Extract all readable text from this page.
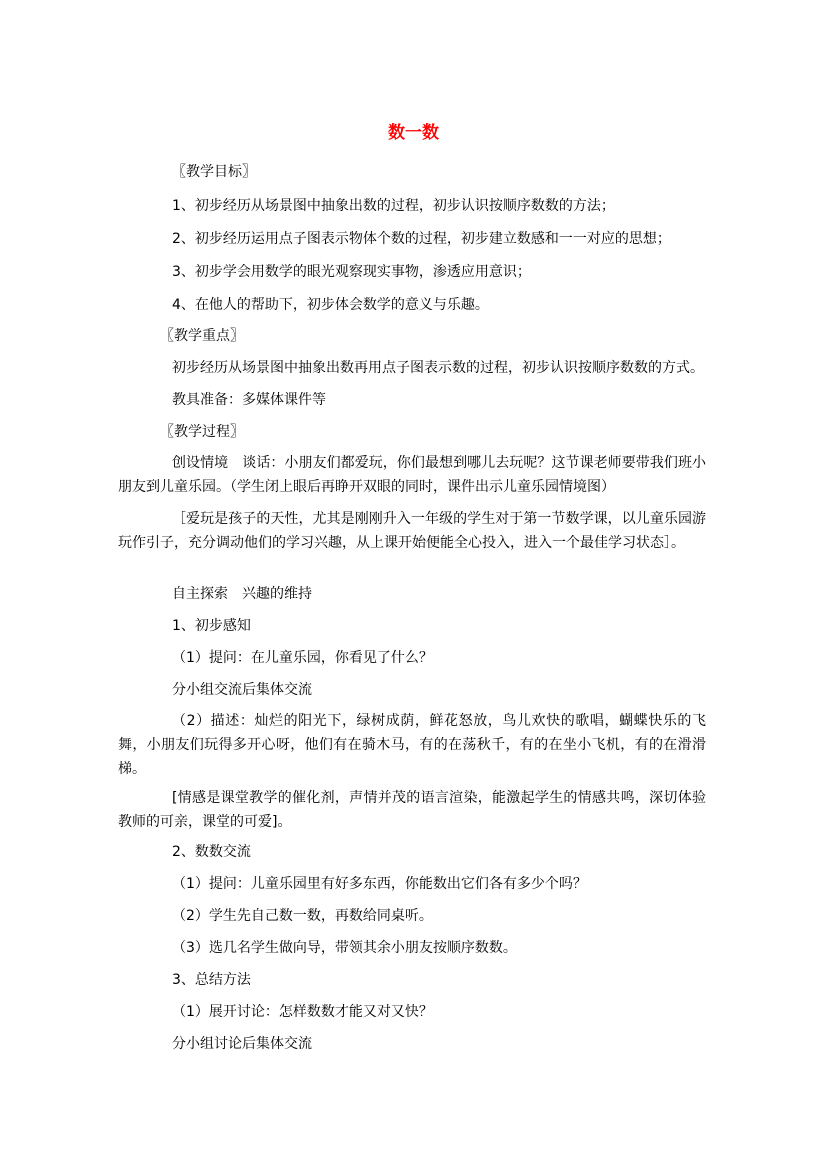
数一数
〖教学目标〗
1、初步经历从场景图中抽象出数的过程，初步认识按顺序数数的方法；
2、初步经历运用点子图表示物体个数的过程，初步建立数感和一一对应的思想；
3、初步学会用数学的眼光观察现实事物，渗透应用意识；
4、在他人的帮助下，初步体会数学的意义与乐趣。
〖教学重点〗
初步经历从场景图中抽象出数再用点子图表示数的过程，初步认识按顺序数数的方式。
教具准备：多媒体课件等
〖教学过程〗
创设情境　谈话：小朋友们都爱玩，你们最想到哪儿去玩呢？这节课老师要带我们班小朋友到儿童乐园。（学生闭上眼后再睁开双眼的同时，课件出示儿童乐园情境图）
［爱玩是孩子的天性，尤其是刚刚升入一年级的学生对于第一节数学课，以儿童乐园游玩作引子，充分调动他们的学习兴趣，从上课开始便能全心投入，进入一个最佳学习状态］。
自主探索　兴趣的维持
1、初步感知
（1）提问：在儿童乐园，你看见了什么？
分小组交流后集体交流
（2）描述：灿烂的阳光下，绿树成荫，鲜花怒放，鸟儿欢快的歌唱，蝴蝶快乐的飞舞，小朋友们玩得多开心呀，他们有在骑木马，有的在荡秋千，有的在坐小飞机，有的在滑滑梯。
[情感是课堂教学的催化剂，声情并茂的语言渲染，能激起学生的情感共鸣，深切体验教师的可亲，课堂的可爱]。
2、数数交流
（1）提问：儿童乐园里有好多东西，你能数出它们各有多少个吗？
（2）学生先自己数一数，再数给同桌听。
（3）选几名学生做向导，带领其余小朋友按顺序数数。
3、总结方法
（1）展开讨论：怎样数数才能又对又快？
分小组讨论后集体交流
